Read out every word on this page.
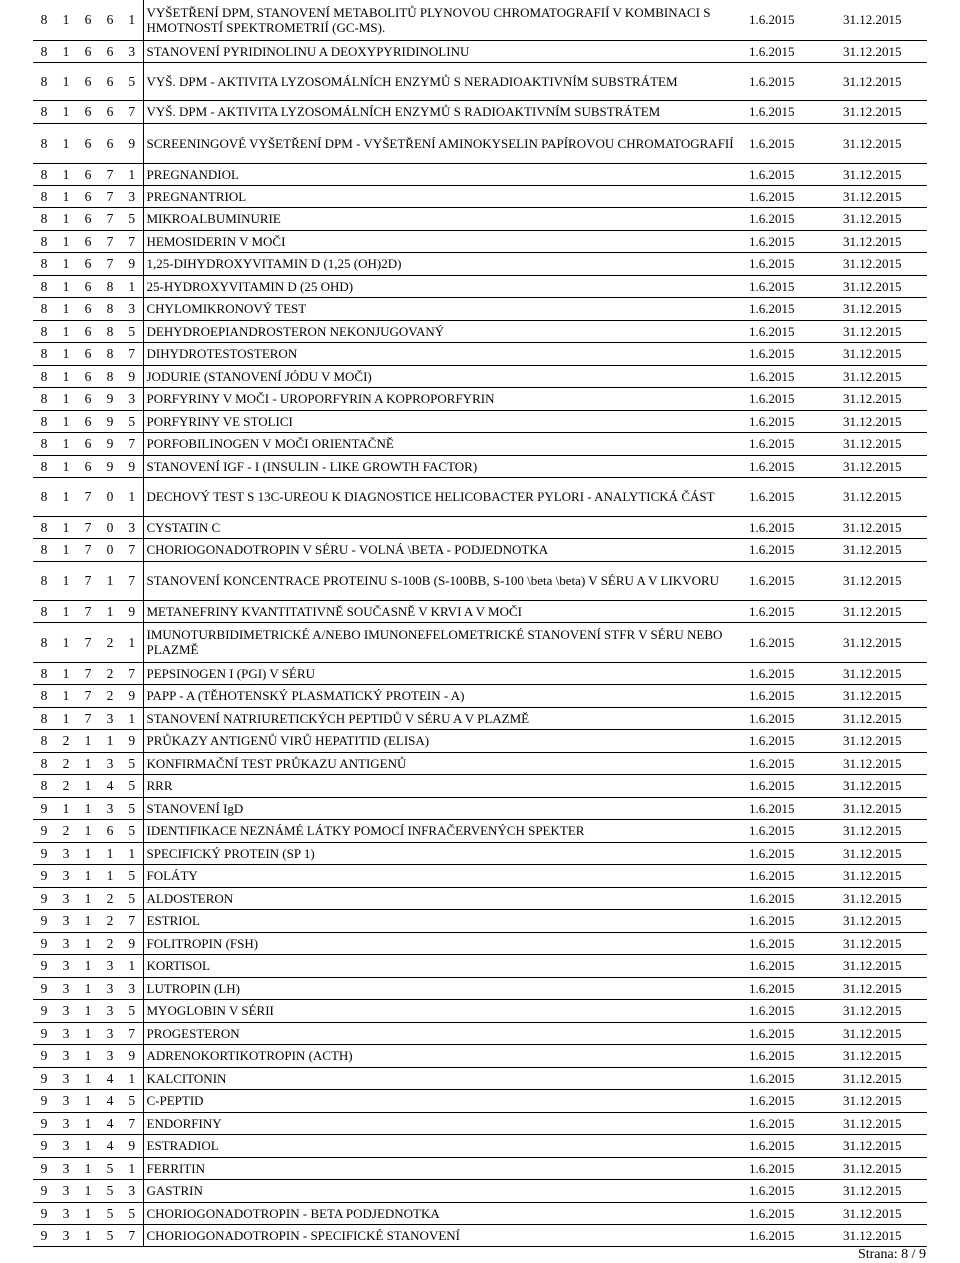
8	1	6	6	1	VYŠETŘENÍ DPM, STANOVENÍ METABOLITŮ PLYNOVOU CHROMATOGRAFIÍ V KOMBINACI S HMOTNOSTÍ SPEKTROMETRIÍ (GC-MS).	1.6.2015	31.12.2015
8	1	6	6	3	STANOVENÍ PYRIDINOLINU A DEOXYPYRIDINOLINU	1.6.2015	31.12.2015
8	1	6	6	5	VYŠ. DPM - AKTIVITA LYZOSOMÁLNÍCH ENZYMŮ S NERADIOAKTIVNÍM SUBSTRÁTEM	1.6.2015	31.12.2015
8	1	6	6	7	VYŠ. DPM - AKTIVITA LYZOSOMÁLNÍCH ENZYMŮ S RADIOAKTIVNÍM SUBSTRÁTEM	1.6.2015	31.12.2015
8	1	6	6	9	SCREENINGOVÉ VYŠETŘENÍ DPM - VYŠETŘENÍ AMINOKYSELIN PAPÍROVOU CHROMATOGRAFIÍ	1.6.2015	31.12.2015
8	1	6	7	1	PREGNANDIOL	1.6.2015	31.12.2015
8	1	6	7	3	PREGNANTRIOL	1.6.2015	31.12.2015
8	1	6	7	5	MIKROALBUMINURIE	1.6.2015	31.12.2015
8	1	6	7	7	HEMOSIDERIN V MOČI	1.6.2015	31.12.2015
8	1	6	7	9	1,25-DIHYDROXYVITAMIN D (1,25 (OH)2D)	1.6.2015	31.12.2015
8	1	6	8	1	25-HYDROXYVITAMIN D (25 OHD)	1.6.2015	31.12.2015
8	1	6	8	3	CHYLOMIKRONOVÝ TEST	1.6.2015	31.12.2015
8	1	6	8	5	DEHYDROEPIANDROSTERON NEKONJUGOVANÝ	1.6.2015	31.12.2015
8	1	6	8	7	DIHYDROTESTOSTERON	1.6.2015	31.12.2015
8	1	6	8	9	JODURIE (STANOVENÍ JÓDU V MOČI)	1.6.2015	31.12.2015
8	1	6	9	3	PORFYRINY V MOČI - UROPORFYRIN A KOPROPORFYRIN	1.6.2015	31.12.2015
8	1	6	9	5	PORFYRINY VE STOLICI	1.6.2015	31.12.2015
8	1	6	9	7	PORFOBILINOGEN V MOČI ORIENTAČNĚ	1.6.2015	31.12.2015
8	1	6	9	9	STANOVENÍ IGF - I (INSULIN - LIKE GROWTH FACTOR)	1.6.2015	31.12.2015
8	1	7	0	1	DECHOVÝ TEST S 13C-UREOU K DIAGNOSTICE HELICOBACTER PYLORI - ANALYTICKÁ ČÁST	1.6.2015	31.12.2015
8	1	7	0	3	CYSTATIN C	1.6.2015	31.12.2015
8	1	7	0	7	CHORIOGONADOTROPIN V SÉRU - VOLNÁ \BETA - PODJEDNOTKA	1.6.2015	31.12.2015
8	1	7	1	7	STANOVENÍ KONCENTRACE PROTEINU S-100B (S-100BB, S-100 \beta \beta) V SÉRU A V LIKVORU	1.6.2015	31.12.2015
8	1	7	1	9	METANEFRINY KVANTITATIVNĚ SOUČASNĚ V KRVI A V MOČI	1.6.2015	31.12.2015
8	1	7	2	1	IMUNOTURBIDIMETRICKÉ A/NEBO IMUNONEFELOMETRICKÉ STANOVENÍ STFR V SÉRU NEBO PLAZMĚ	1.6.2015	31.12.2015
8	1	7	2	7	PEPSINOGEN I (PGI) V SÉRU	1.6.2015	31.12.2015
8	1	7	2	9	PAPP - A (TĚHOTENSKÝ PLASMATICKÝ PROTEIN - A)	1.6.2015	31.12.2015
8	1	7	3	1	STANOVENÍ NATRIURETICKÝCH PEPTIDŮ V SÉRU A V PLAZMĚ	1.6.2015	31.12.2015
8	2	1	1	9	PRŮKAZY ANTIGENŮ VIRŮ HEPATITID (ELISA)	1.6.2015	31.12.2015
8	2	1	3	5	KONFIRMAČNÍ TEST PRŮKAZU ANTIGENŮ	1.6.2015	31.12.2015
8	2	1	4	5	RRR	1.6.2015	31.12.2015
9	1	1	3	5	STANOVENÍ IgD	1.6.2015	31.12.2015
9	2	1	6	5	IDENTIFIKACE NEZNÁMÉ LÁTKY POMOCÍ INFRAČERVENÝCH SPEKTER	1.6.2015	31.12.2015
9	3	1	1	1	SPECIFICKÝ PROTEIN (SP 1)	1.6.2015	31.12.2015
9	3	1	1	5	FOLÁTY	1.6.2015	31.12.2015
9	3	1	2	5	ALDOSTERON	1.6.2015	31.12.2015
9	3	1	2	7	ESTRIOL	1.6.2015	31.12.2015
9	3	1	2	9	FOLITROPIN (FSH)	1.6.2015	31.12.2015
9	3	1	3	1	KORTISOL	1.6.2015	31.12.2015
9	3	1	3	3	LUTROPIN (LH)	1.6.2015	31.12.2015
9	3	1	3	5	MYOGLOBIN V SÉRII	1.6.2015	31.12.2015
9	3	1	3	7	PROGESTERON	1.6.2015	31.12.2015
9	3	1	3	9	ADRENOKORTIKOTROPIN (ACTH)	1.6.2015	31.12.2015
9	3	1	4	1	KALCITONIN	1.6.2015	31.12.2015
9	3	1	4	5	C-PEPTID	1.6.2015	31.12.2015
9	3	1	4	7	ENDORFINY	1.6.2015	31.12.2015
9	3	1	4	9	ESTRADIOL	1.6.2015	31.12.2015
9	3	1	5	1	FERRITIN	1.6.2015	31.12.2015
9	3	1	5	3	GASTRIN	1.6.2015	31.12.2015
9	3	1	5	5	CHORIOGONADOTROPIN - BETA PODJEDNOTKA	1.6.2015	31.12.2015
9	3	1	5	7	CHORIOGONADOTROPIN - SPECIFICKÉ STANOVENÍ	1.6.2015	31.12.2015
Strana: 8 / 9
